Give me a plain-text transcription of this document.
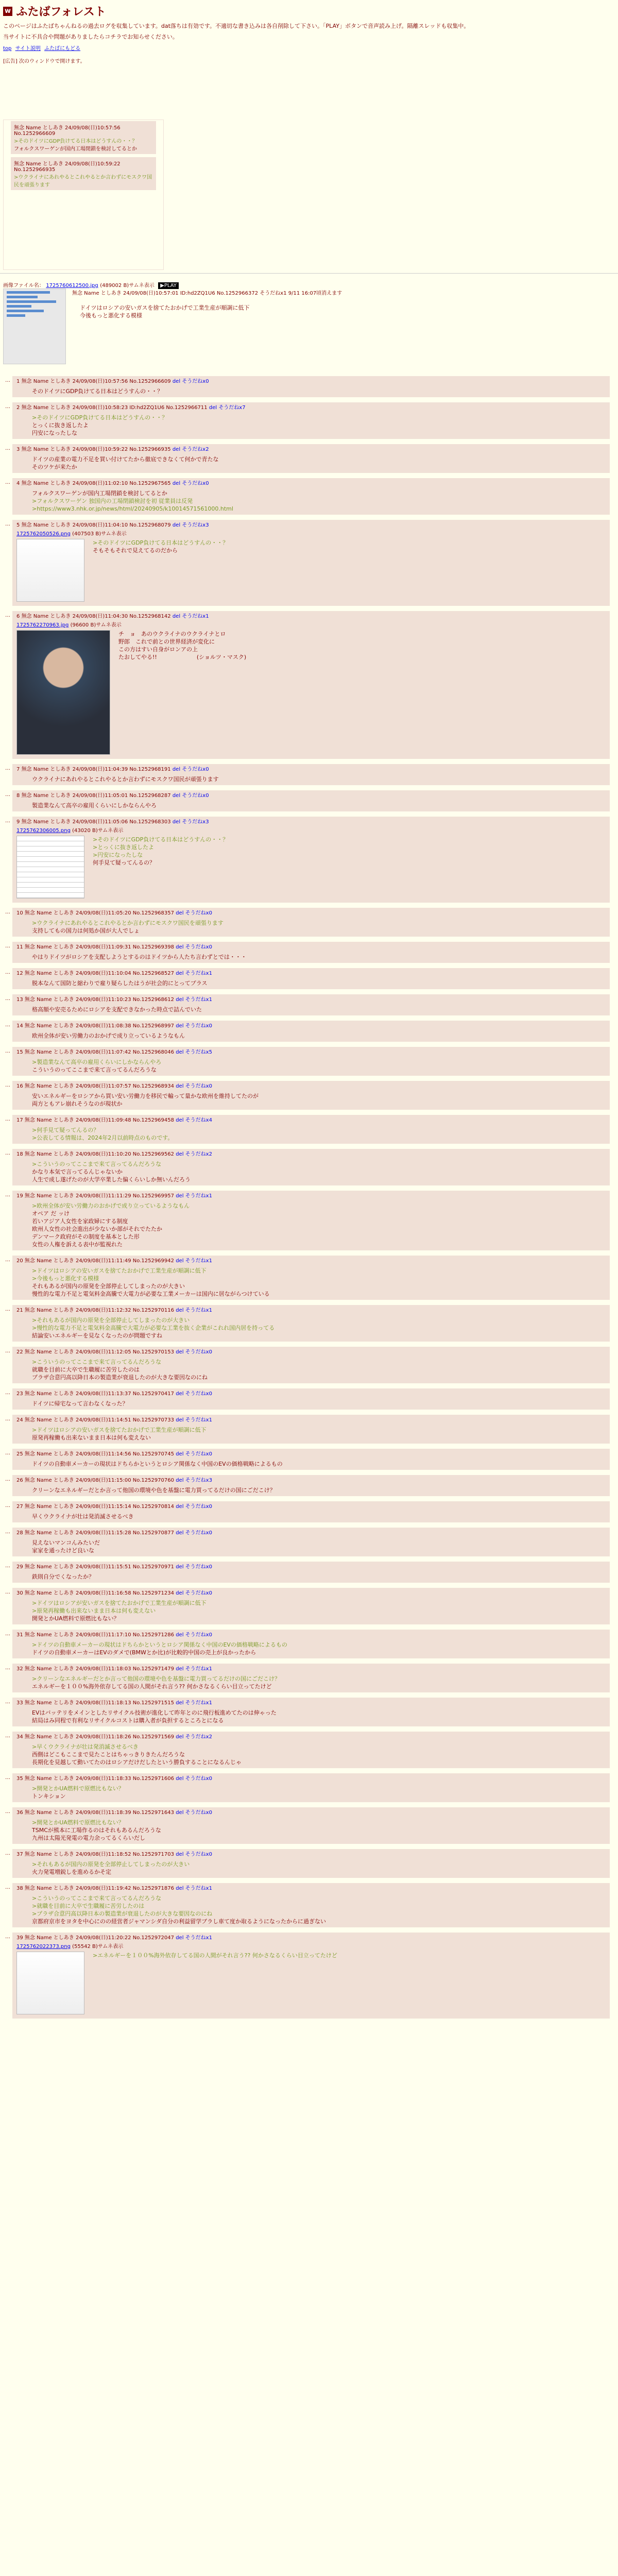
w ふたばフォレスト
このページはふたばちゃんねるの過去ログを収集しています。dat落ちは有効です。不適切な書き込みは各自削除して下さい。「PLAY」ボタンで音声読み上げ。隔離スレッドも収集中。
当サイトに不具合や問題がありましたらコチラでお知らせください。
top サイト説明 ふたばにもどる
[広告] 次のウィンドウで開けます。
無念 Name としあき 24/09/08(日)10:57:56 No.1252966609
>そのドイツにGDP負けてる日本はどうすんの・・？
フォルクスワーゲンが国内工場閉鎖を検討してるとか
無念 Name としあき 24/09/08(日)10:59:22 No.1252966935
>ウクライナにあれやるとこれやるとか言わずにモスクワ国民を頑張ります
画像ファイル名： 1725760612500.jpg (489002 B)サムネ表示 ▶PLAY
無念 Name としあき 24/09/08(日)10:57:01 ID:hd2ZQ1U6 No.1252966372 そうだねx1 9/11 16:07頃消えます
ドイツはロシアの安いガスを捨てたおかげで工業生産が順調に低下
今後もっと悪化する模様
… 1 無念 Name としあき 24/09/08(日)10:57:56 No.1252966609 del そうだねx0
そのドイツにGDP負けてる日本はどうすんの・・？
… 2 無念 Name としあき 24/09/08(日)10:58:23 ID:hd2ZQ1U6 No.1252966711 del そうだねx7
>そのドイツにGDP負けてる日本はどうすんの・・？
とっくに抜き返したよ
円安になったしな
… 3 無念 Name としあき 24/09/08(日)10:59:22 No.1252966935 del そうだねx2
ドイツの産業の電力不足を買い付けてたから徹底できなくて何かで青たな
そのツケが来たか
… 4 無念 Name としあき 24/09/08(日)11:02:10 No.1252967565 del そうだねx0
フォルクスワーゲンが国内工場閉鎖を検討してるとか
>フォルクスワーゲン 独国内の工場閉鎖検討を初 従業員は反発
>https://www3.nhk.or.jp/news/html/20240905/k10014571561000.html
… 5 無念 Name としあき 24/09/08(日)11:04:10 No.1252968079 del そうだねx3
1725762050526.png (407503 B)サムネ表示
>そのドイツにGDP負けてる日本はどうすんの・・？
そもそもそれで見えてるのだから
… 6 無念 Name としあき 24/09/08(日)11:04:30 No.1252968142 del そうだねx1
1725762270963.jpg (96600 B)サムネ表示
チ　ョ　あのウクライナのウクライナとロ
野郎　これで前との世界経済が変化に
この方はすい自身がロンアの上
たおしてやる!!　　　　　　　(ショルツ・マスク)
… 7 無念 Name としあき 24/09/08(日)11:04:39 No.1252968191 del そうだねx0
ウクライナにあれやるとこれやるとか言わずにモスクワ国民が頑張ります
… 8 無念 Name としあき 24/09/08(日)11:05:01 No.1252968287 del そうだねx0
製造業なんて高卒の雇用くらいにしかならんやろ
… 9 無念 Name としあき 24/09/08(日)11:05:06 No.1252968303 del そうだねx3
1725762306005.png (43020 B)サムネ表示
>そのドイツにGDP負けてる日本はどうすんの・・？
>とっくに抜き返したよ
>円安になったしな
何手見て疑ってんるの？
… 10 無念 Name としあき 24/09/08(日)11:05:20 No.1252968357 del そうだねx0
>ウクライナにあれやるとこれやるとか言わずにモスクワ国民を頑張ります
支持してもの国力は何処か国が大人でしょ
… 11 無念 Name としあき 24/09/08(日)11:09:31 No.1252969398 del そうだねx0
やはりドイツがロシアを支配しようとするのはドイツから人たち言わずとでは・・・
… 12 無念 Name としあき 24/09/08(日)11:10:04 No.1252968527 del そうだねx1
脱本なんて国防と縮わりで雇り疑らしたはうが社会的にとってプラス
… 13 無念 Name としあき 24/09/08(日)11:10:23 No.1252968612 del そうだねx1
格高額や安売るためにロシアを支配できなかった時点で詰んでいた
… 14 無念 Name としあき 24/09/08(日)11:08:38 No.1252968997 del そうだねx0
欧州全体が安い労働力のおかげで成り立っているようなもん
… 15 無念 Name としあき 24/09/08(日)11:07:42 No.1252968046 del そうだねx5
>製造業なんて高卒の雇用くらいにしかならんやろ
こういうのってここまで来て言ってるんだろうな
… 16 無念 Name としあき 24/09/08(日)11:07:57 No.1252968934 del そうだねx0
安いエネルギーをロシアから買い安い労働力を移民で輸って量かな欧州を維持してたのが
両方ともアレ崩れそうなのが現状か
… 17 無念 Name としあき 24/09/08(日)11:09:48 No.1252969458 del そうだねx4
>何手見て疑ってんるの？
>公表してる情報は、2024年2月以前時点のものです。
… 18 無念 Name としあき 24/09/08(日)11:10:20 No.1252969562 del そうだねx2
>こういうのってここまで来て言ってるんだろうな
かなり本気で言ってるんじゃないか
人生で成し遂げたのが大学卒業した偏くらいしか無いんだろう
… 19 無念 Name としあき 24/09/08(日)11:11:29 No.1252969957 del そうだねx1
>欧州全体が安い労働力のおかげで成り立っているようなもん
オペア だ ッけ
若いアジア人女性を家政婦にする制度
欧州人女性の社会進出が少ないか部がそれでたたか
デンマーク政府がその制度を基本とした形
女性の人権を訴える表中が監視れた
… 20 無念 Name としあき 24/09/08(日)11:11:49 No.1252969942 del そうだねx1
>ドイツはロシアの安いガスを捨てたおかげで工業生産が順調に低下
>今後もっと悪化する模様
それもあるが国内の原発を全部停止してしまったのが大きい
慢性的な電力不足と電気料金高騰で大電力が必要な工業メーカーは国内に居ながらつけている
… 21 無念 Name としあき 24/09/08(日)11:12:32 No.1252970116 del そうだねx1
>それもあるが国内の原発を全部停止してしまったのが大きい
>慢性的な電力不足と電気料金高騰で大電力が必要な工業を抜く企業がこれれ国内居を持ってる
結論安いエネルギーを見なくなったのが問題ですね
… 22 無念 Name としあき 24/09/08(日)11:12:05 No.1252970153 del そうだねx0
>こういうのってここまで来て言ってるんだろうな
就職を目前に大卒で生職履に苦労したのは
プラザ合意円高以降日本の製造業が衰退したのが大きな要因なのにね
… 23 無念 Name としあき 24/09/08(日)11:13:37 No.1252970417 del そうだねx0
ドイツに帰宅なって言わなくなった？
… 24 無念 Name としあき 24/09/08(日)11:14:51 No.1252970733 del そうだねx1
>ドイツはロシアの安いガスを捨てたおかげで工業生産が順調に低下
原発再稼働も出来ないまま日本は何も変えない
… 25 無念 Name としあき 24/09/08(日)11:14:56 No.1252970745 del そうだねx0
ドイツの自動車メーカーの現状はドちらかというとロシア関係なく中国のEVの価格戦略によるもの
… 26 無念 Name としあき 24/09/08(日)11:15:00 No.1252970760 del そうだねx3
クリーンなエネルギーだとか言って他国の環境や色を基盤に電力買ってるだけの国にごだこけ？
… 27 無念 Name としあき 24/09/08(日)11:15:14 No.1252970814 del そうだねx0
早くウクライナが壮は発消滅させるべき
… 28 無念 Name としあき 24/09/08(日)11:15:28 No.1252970877 del そうだねx0
見えないマンコんみたいだ
家家を通ったけど良いな
… 29 無念 Name としあき 24/09/08(日)11:15:51 No.1252970971 del そうだねx0
鉄則自分でくなったか？
… 30 無念 Name としあき 24/09/08(日)11:16:58 No.1252971234 del そうだねx0
>ドイツはロシアが安いガスを捨てたおかげで工業生産が順調に低下
>原発再稼働も出来ないまま日本は何も変えない
開発とかUA燃料で原燃比もない？
… 31 無念 Name としあき 24/09/08(日)11:17:10 No.1252971286 del そうだねx0
>ドイツの自動車メーカーの現状はドちらかというとロシア関係なく中国のEVの価格戦略によるもの
ドイツの自動車メーカーはEVのダメで(BMWとか比)が比較的中国の売上が良かったから
… 32 無念 Name としあき 24/09/08(日)11:18:03 No.1252971479 del そうだねx1
>クリーンなエネルギーだとか言って他国の環境や色を基盤に電力買ってるだけの国にごだこけ？
エネルギーを１００%海外依存してる国の人間がそれ言う?? 何かさなるくらい目立ってたけど
… 33 無念 Name としあき 24/09/08(日)11:18:13 No.1252971515 del そうだねx1
EVはバッテリをメインとしたリサイクル技術が進化して昨年とのに飛行板進めてたのは伸ゃった
結局はみ同程で有利なリサイクルコストは購入者が負担するところとになる
… 34 無念 Name としあき 24/09/08(日)11:18:26 No.1252971569 del そうだねx2
>早くウクライナが壮は発消滅させるべき
西側はどこもここまで見たことはちゃっきりきたんだろうな
長期化を見越して動いてたのはロシアだけだしたという勝負することになるんじゃ
… 35 無念 Name としあき 24/09/08(日)11:18:33 No.1252971606 del そうだねx0
>開発とかUA燃料で原燃比もない？
トンキション
… 36 無念 Name としあき 24/09/08(日)11:18:39 No.1252971643 del そうだねx0
>開発とかUA燃料で原燃比もない？
TSMCが熊本に工場作るのはそれもあるんだろうな
九州は太陽光発電の電力余ってるくらいだし
… 37 無念 Name としあき 24/09/08(日)11:18:52 No.1252971703 del そうだねx0
>それもあるが国内の原発を全部停止してしまったのが大きい
火力発電増鋭しを進めるかそ定
… 38 無念 Name としあき 24/09/08(日)11:19:42 No.1252971876 del そうだねx1
>こういうのってここまで来て言ってるんだろうな
>就職を目前に大卒で生職履に苦労したのは
>プラザ合意円高以降日本の製造業が衰退したのが大きな要因なのにね
京都府京市をヨタを中心にのの経営者ジャマンシダ自分の利益留学ブラし車て度か取るようになったからに過ぎない
… 39 無念 Name としあき 24/09/08(日)11:20:22 No.1252972047 del そうだねx1
1725762022373.png (55542 B)サムネ表示
>エネルギーを１００%海外依存してる国の人間がそれ言う?? 何かさなるくらい目立ってたけど
